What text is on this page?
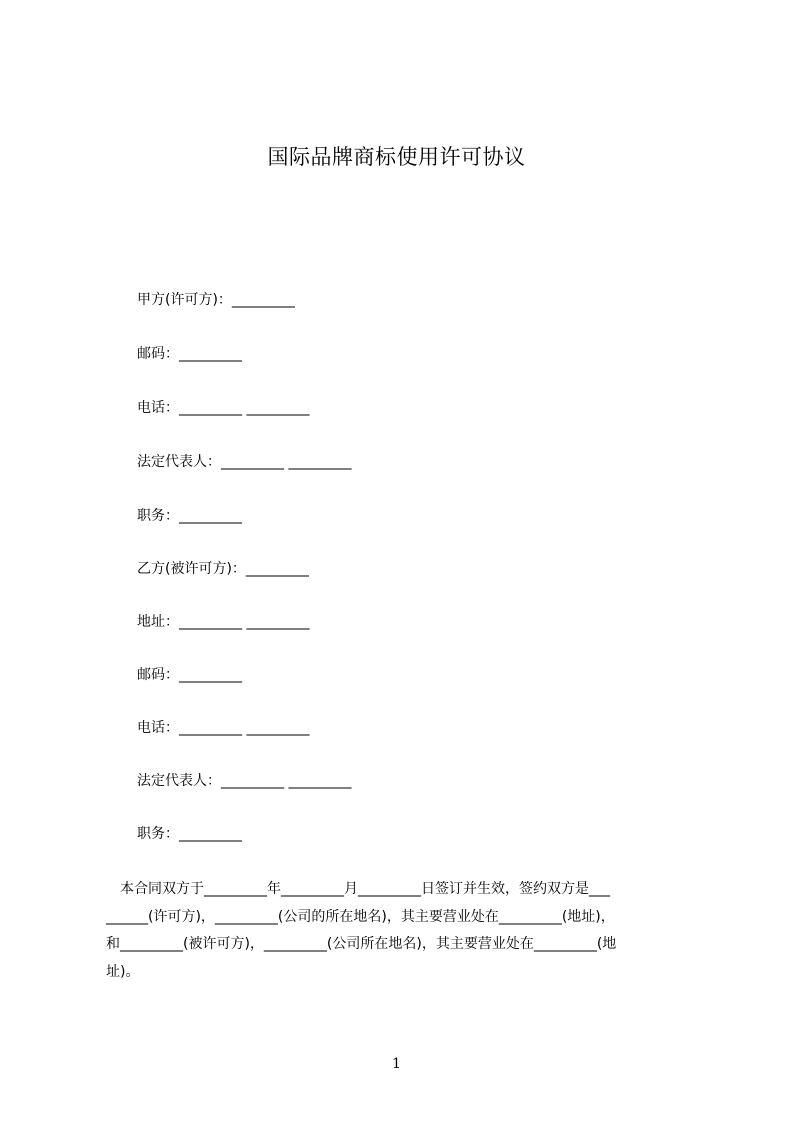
国际品牌商标使用许可协议
甲方(许可方)：_________
邮码：_________
电话：_________ _________
法定代表人：_________ _________
职务：_________
乙方(被许可方)：_________
地址：_________ _________
邮码：_________
电话：_________ _________
法定代表人：_________ _________
职务：_________

　本合同双方于_________年_________月_________日签订并生效，签约双方是___

______(许可方)，_________(公司的所在地名)，其主要营业处在_________(地址)，

和_________(被许可方)，_________(公司所在地名)，其主要营业处在_________(地

址)。

1
